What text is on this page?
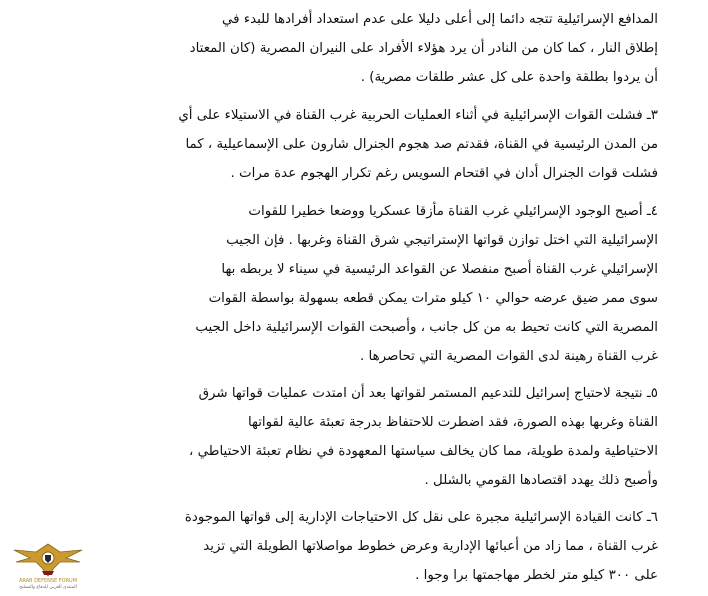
المدافع الإسرائيلية تتجه دائما إلى أعلى دليلا على عدم استعداد أفرادها للبدء في
إطلاق النار ، كما كان من النادر أن يرد هؤلاء الأفراد على النيران المصرية (كان المعتاد
أن يردوا بطلقة واحدة على كل عشر طلقات مصرية) .
٣ـ فشلت القوات الإسرائيلية في أثناء العمليات الحربية غرب القناة في الاستيلاء على أي
من المدن الرئيسية في القناة، فقدتم صد هجوم الجنرال شارون على الإسماعيلية ، كما
فشلت قوات الجنرال أدان في اقتحام السويس رغم تكرار الهجوم عدة مرات .
٤ـ أصبح الوجود الإسرائيلي غرب القناة مأزقا عسكريا ووضعا خطيرا للقوات
الإسرائيلية التي اختل توازن قواتها الإستراتيجي شرق القناة وغربها . فإن الجيب
الإسرائيلي غرب القناة أصبح منفصلا عن القواعد الرئيسية في سيناء لا يربطه بها
سوى ممر ضيق عرضه حوالي ١٠ كيلو مترات يمكن قطعه بسهولة بواسطة القوات
المصرية التي كانت تحيط به من كل جانب ، وأصبحت القوات الإسرائيلية داخل الجيب
غرب القناة رهينة لدى القوات المصرية التي تحاصرها .
٥ـ نتيجة لاحتياج إسرائيل للتدعيم المستمر لقواتها بعد أن امتدت عمليات قواتها شرق
القناة وغربها بهذه الصورة، فقد اضطرت للاحتفاظ بدرجة تعبئة عالية لقواتها
الاحتياطية ولمدة طويلة، مما كان يخالف سياستها المعهودة في نظام تعبئة الاحتياطي ،
وأصبح ذلك يهدد اقتصادها القومي بالشلل .
٦ـ كانت القيادة الإسرائيلية مجبرة على نقل كل الاحتياجات الإدارية إلى قواتها الموجودة
غرب القناة ، مما زاد من أعبائها الإدارية وعرض خطوط مواصلاتها الطويلة التي تزيد
على ٣٠٠ كيلو متر لخطر مهاجمتها برا وجوا .
ARAB DEFENSE FORUM
المنتدى العربي للدفاع والتسليح
